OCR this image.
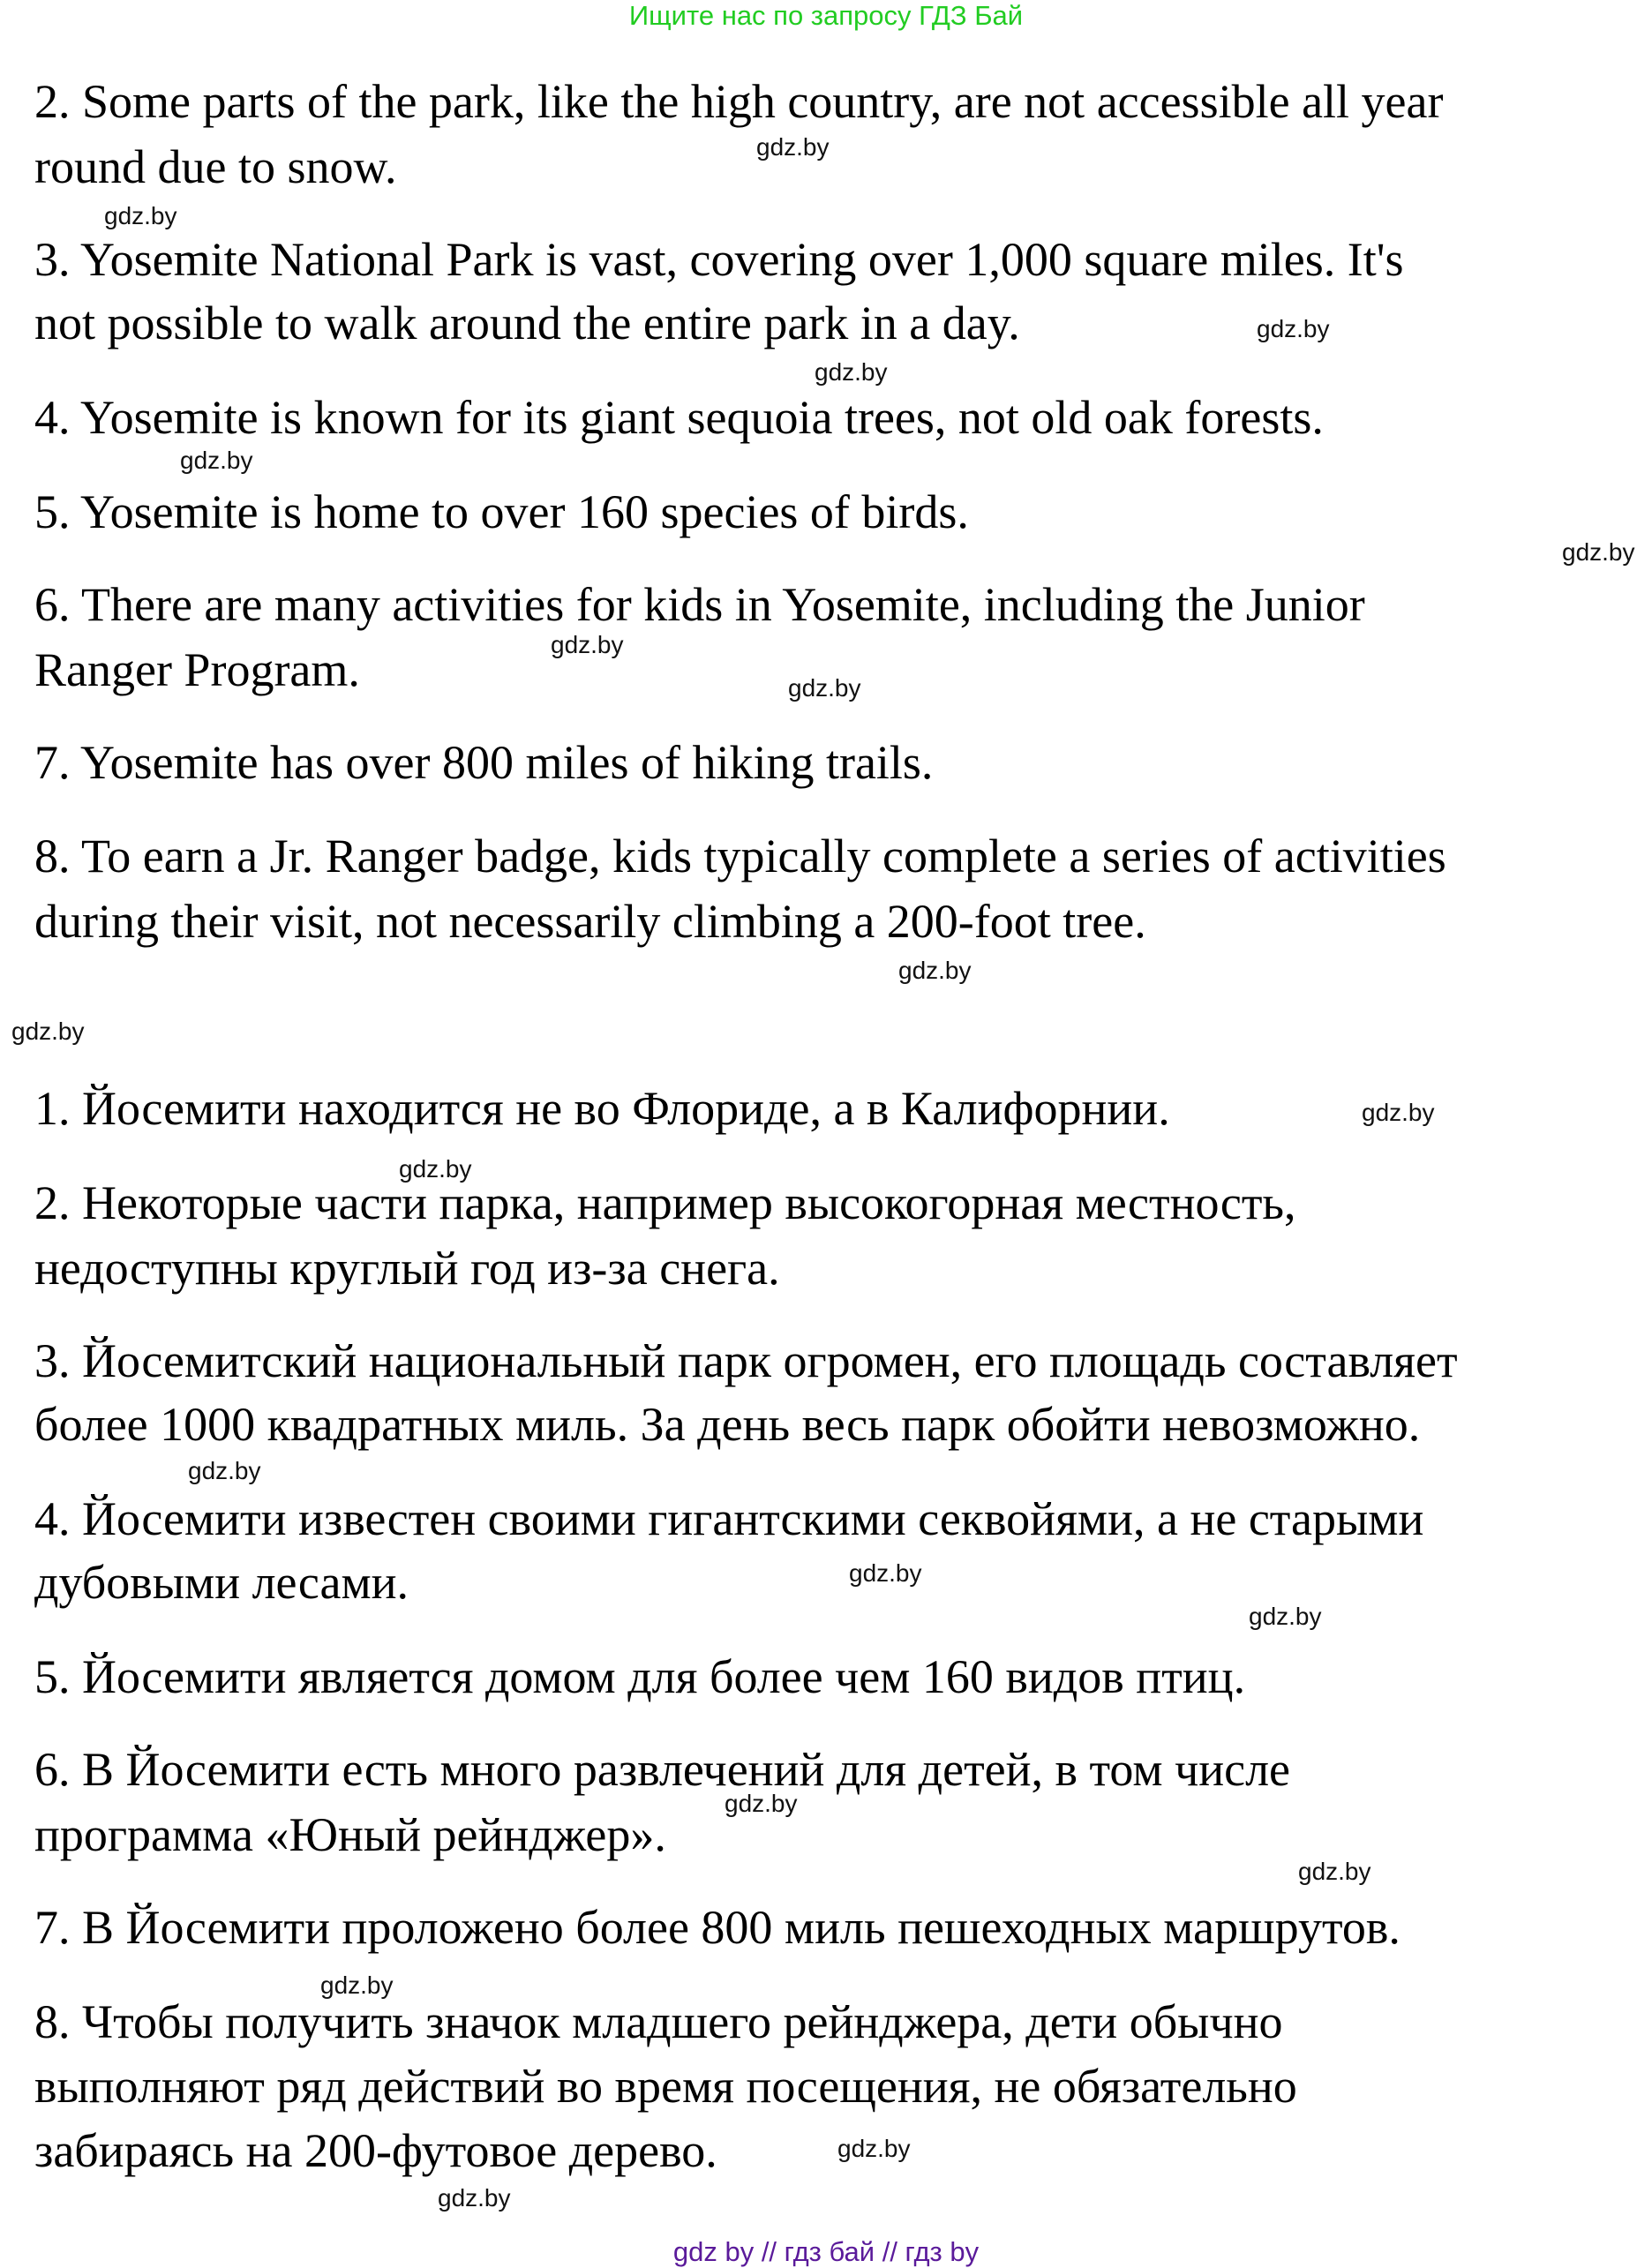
Ищите нас по запросу ГДЗ Бай
2. Some parts of the park, like the high country, are not accessible all year
round due to snow.
3. Yosemite National Park is vast, covering over 1,000 square miles. It's
not possible to walk around the entire park in a day.
4. Yosemite is known for its giant sequoia trees, not old oak forests.
5. Yosemite is home to over 160 species of birds.
6. There are many activities for kids in Yosemite, including the Junior
Ranger Program.
7. Yosemite has over 800 miles of hiking trails.
8. To earn a Jr. Ranger badge, kids typically complete a series of activities
during their visit, not necessarily climbing a 200-foot tree.
1. Йосемити находится не во Флориде, а в Калифорнии.
2. Некоторые части парка, например высокогорная местность,
недоступны круглый год из-за снега.
3. Йосемитский национальный парк огромен, его площадь составляет
более 1000 квадратных миль. За день весь парк обойти невозможно.
4. Йосемити известен своими гигантскими секвойями, а не старыми
дубовыми лесами.
5. Йосемити является домом для более чем 160 видов птиц.
6. В Йосемити есть много развлечений для детей, в том числе
программа «Юный рейнджер».
7. В Йосемити проложено более 800 миль пешеходных маршрутов.
8. Чтобы получить значок младшего рейнджера, дети обычно
выполняют ряд действий во время посещения, не обязательно
забираясь на 200-футовое дерево.
gdz.by
gdz.by
gdz.by
gdz.by
gdz.by
gdz.by
gdz.by
gdz.by
gdz.by
gdz.by
gdz.by
gdz.by
gdz.by
gdz.by
gdz.by
gdz.by
gdz.by
gdz.by
gdz.by
gdz.by
gdz by // гдз бай // гдз by
